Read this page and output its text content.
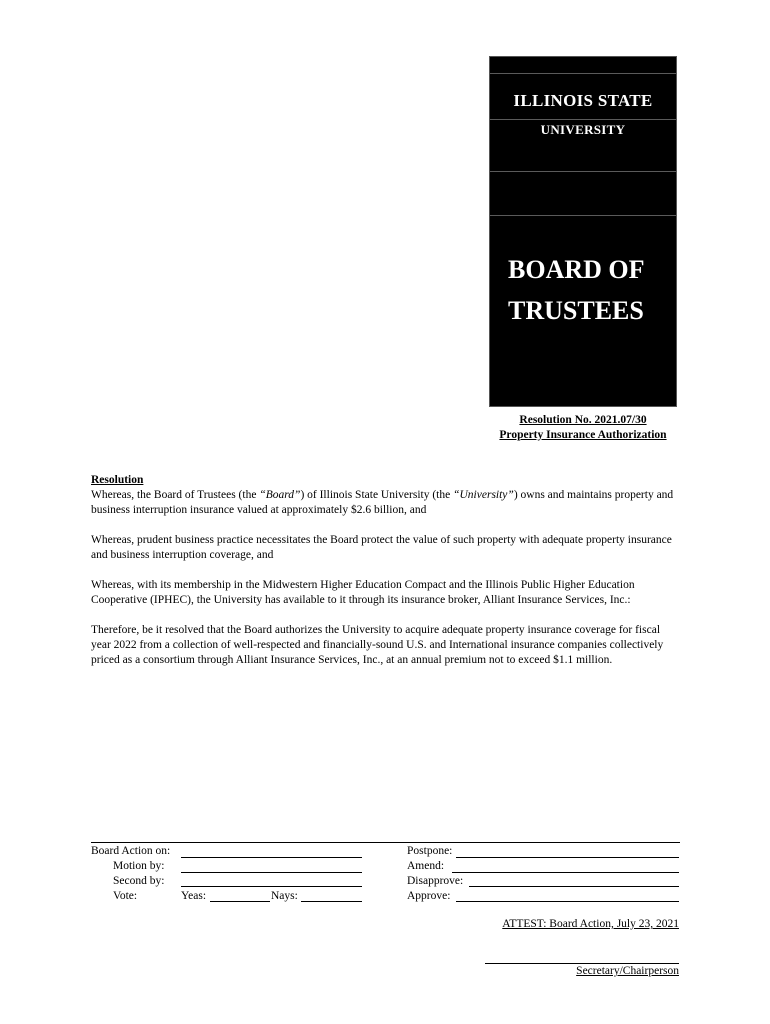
ILLINOIS STATE
UNIVERSITY
BOARD OF
TRUSTEES
Resolution No. 2021.07/30
Property Insurance Authorization
Resolution

Whereas, the Board of Trustees (the “Board”) of Illinois State University (the “University”) owns and maintains property and business interruption insurance valued at approximately $2.6 billion, and

Whereas, prudent business practice necessitates the Board protect the value of such property with adequate property insurance and business interruption coverage, and

Whereas, with its membership in the Midwestern Higher Education Compact and the Illinois Public Higher Education Cooperative (IPHEC), the University has available to it through its insurance broker, Alliant Insurance Services, Inc.:

Therefore, be it resolved that the Board authorizes the University to acquire adequate property insurance coverage for fiscal year 2022 from a collection of well-respected and financially-sound U.S. and International insurance companies collectively priced as a consortium through Alliant Insurance Services, Inc., at an annual premium not to exceed $1.1 million.

Board Action on:
Motion by:
Second by:
Vote:	Yeas:	Nays:
Postpone:
Amend:
Disapprove:
Approve:
ATTEST: Board Action, July 23, 2021
Secretary/Chairperson
